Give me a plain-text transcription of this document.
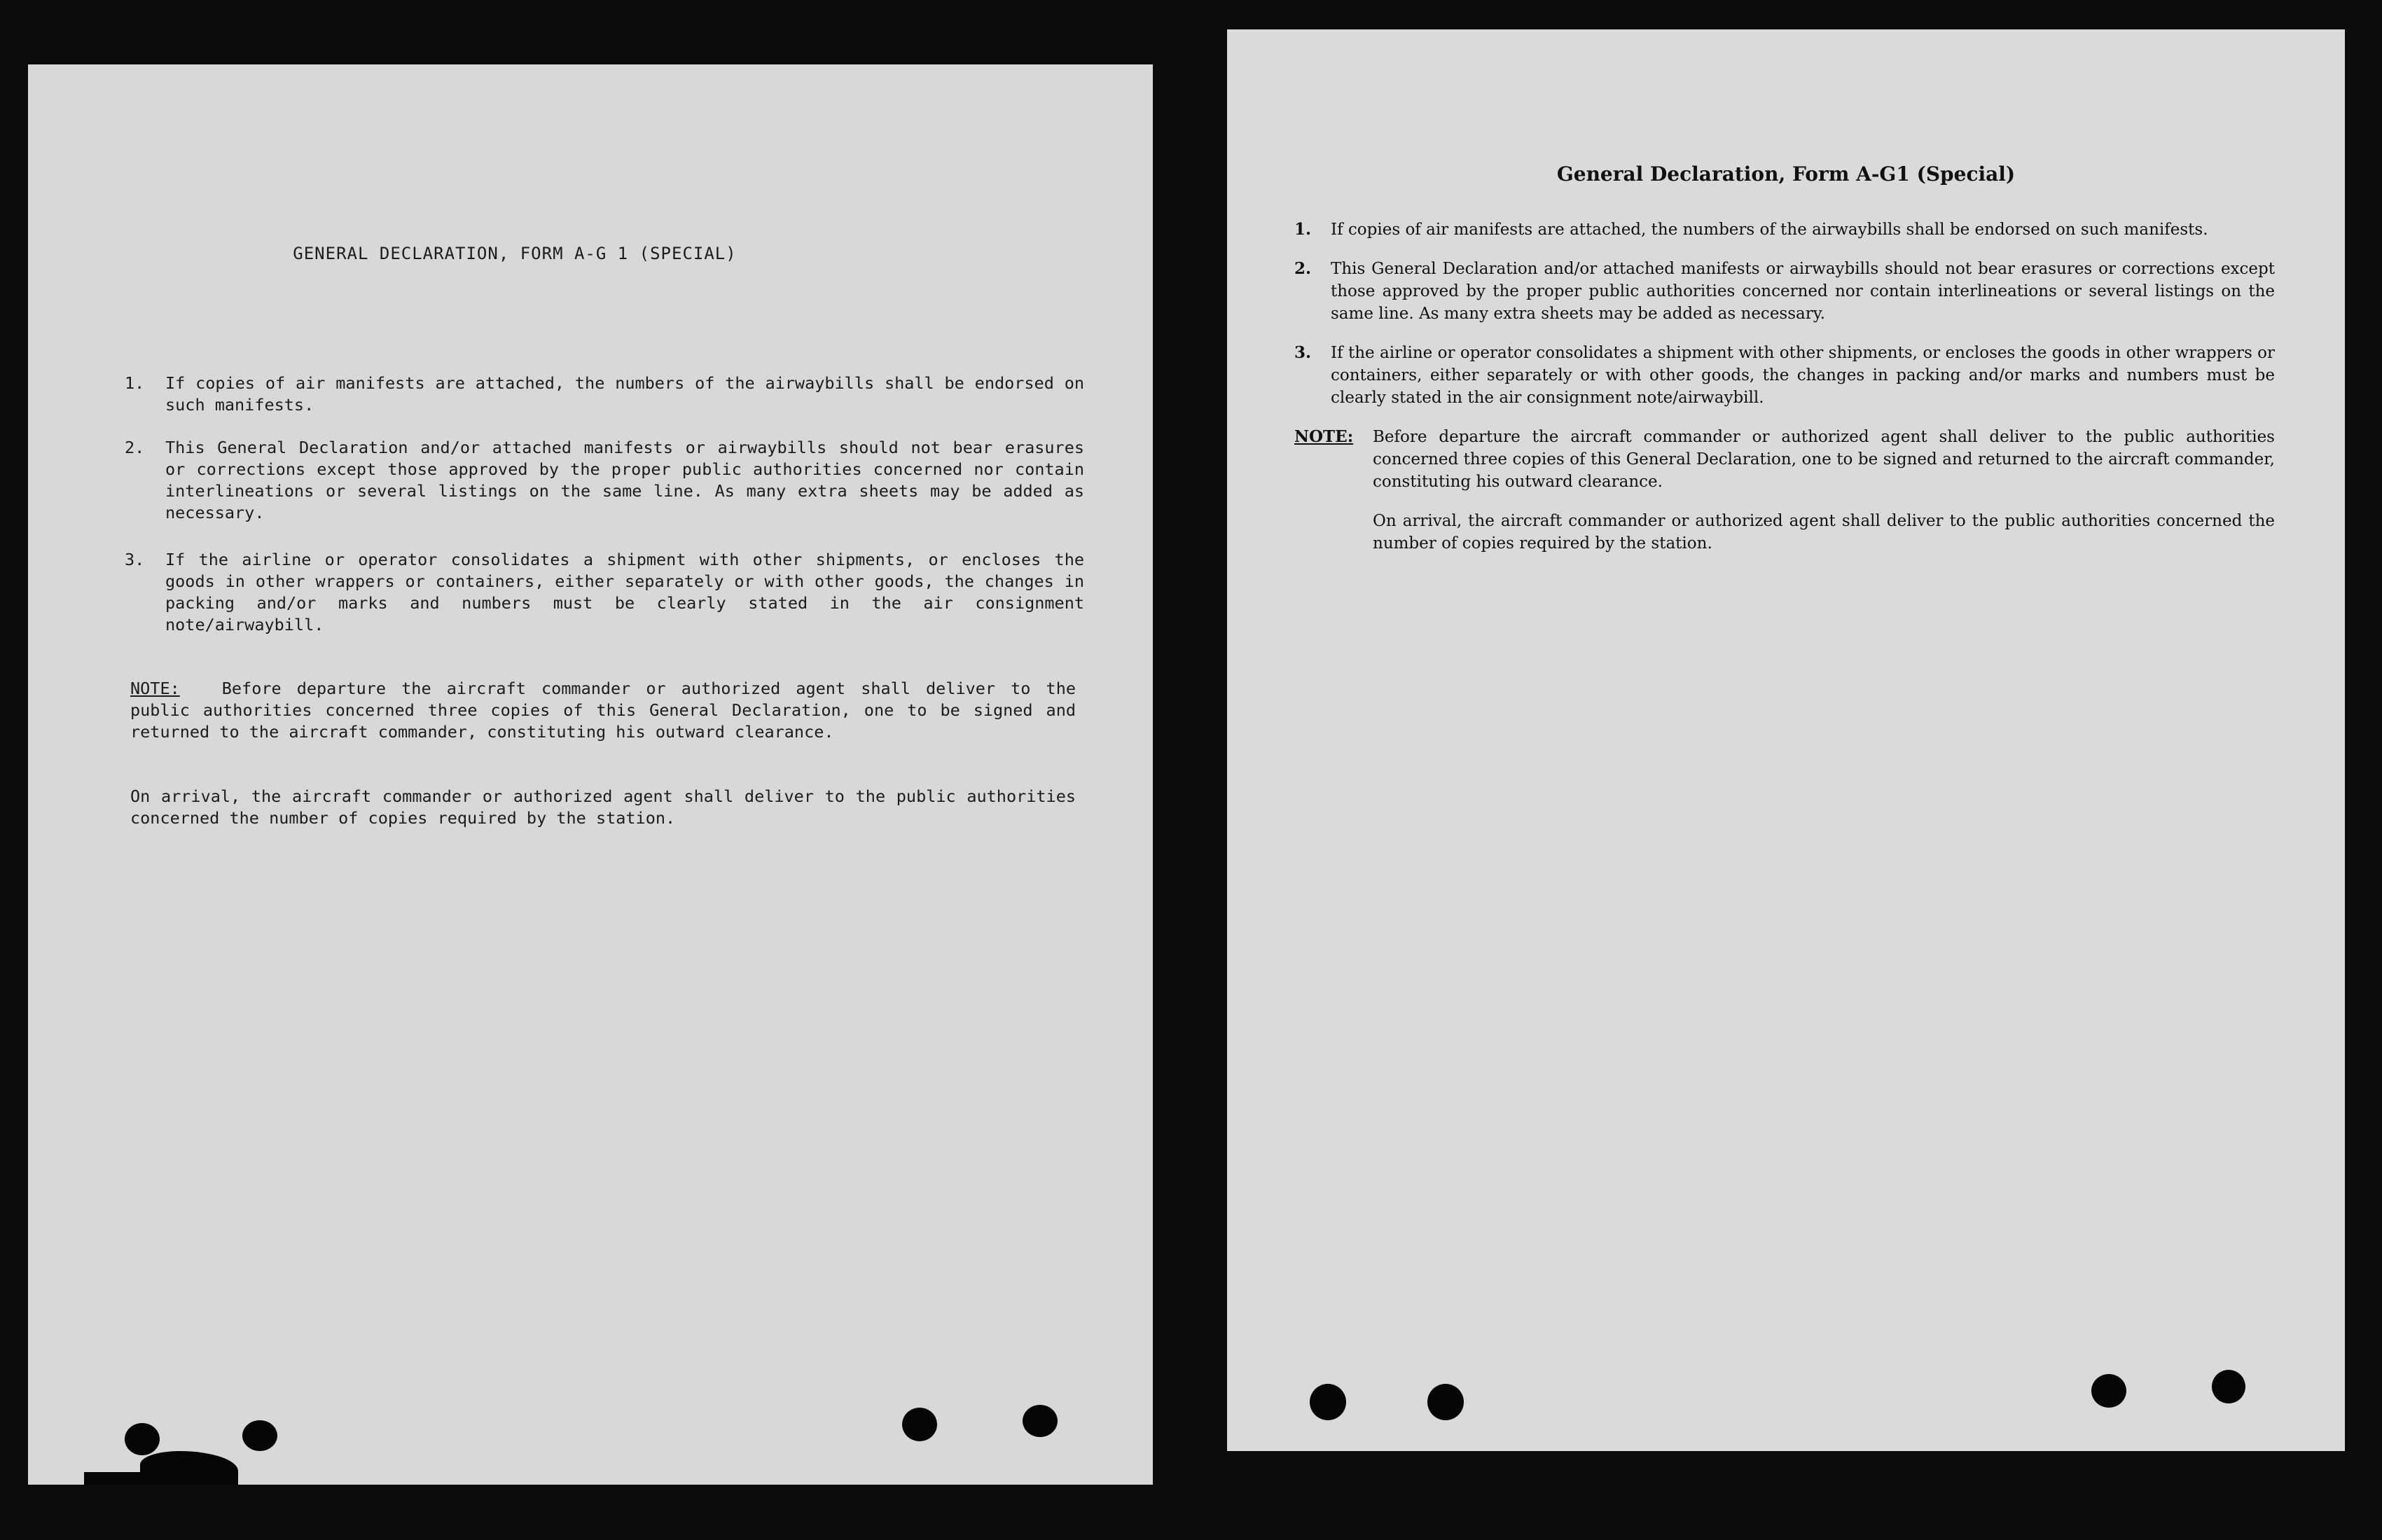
GENERAL DECLARATION, FORM A-G 1 (SPECIAL)
1. If copies of air manifests are attached, the numbers of the airwaybills shall be endorsed on such manifests.
2. This General Declaration and/or attached manifests or airwaybills should not bear erasures or corrections except those approved by the proper public authorities concerned nor contain interlineations or several listings on the same line. As many extra sheets may be added as necessary.
3. If the airline or operator consolidates a shipment with other shipments, or encloses the goods in other wrappers or containers, either separately or with other goods, the changes in packing and/or marks and numbers must be clearly stated in the air consignment note/airwaybill.
NOTE:	Before departure the aircraft commander or authorized agent shall deliver to the public authorities concerned three copies of this General Declaration, one to be signed and returned to the aircraft commander, constituting his outward clearance.
On arrival, the aircraft commander or authorized agent shall deliver to the public authorities concerned the number of copies required by the station.
General Declaration, Form A-G1 (Special)
1. If copies of air manifests are attached, the numbers of the airwaybills shall be endorsed on such manifests.
2. This General Declaration and/or attached manifests or airwaybills should not bear erasures or corrections except those approved by the proper public authorities concerned nor contain interlineations or several listings on the same line. As many extra sheets may be added as necessary.
3. If the airline or operator consolidates a shipment with other shipments, or encloses the goods in other wrappers or containers, either separately or with other goods, the changes in packing and/or marks and numbers must be clearly stated in the air consignment note/airwaybill.
NOTE: Before departure the aircraft commander or authorized agent shall deliver to the public authorities concerned three copies of this General Declaration, one to be signed and returned to the aircraft commander, constituting his outward clearance.
On arrival, the aircraft commander or authorized agent shall deliver to the public authorities concerned the number of copies required by the station.
